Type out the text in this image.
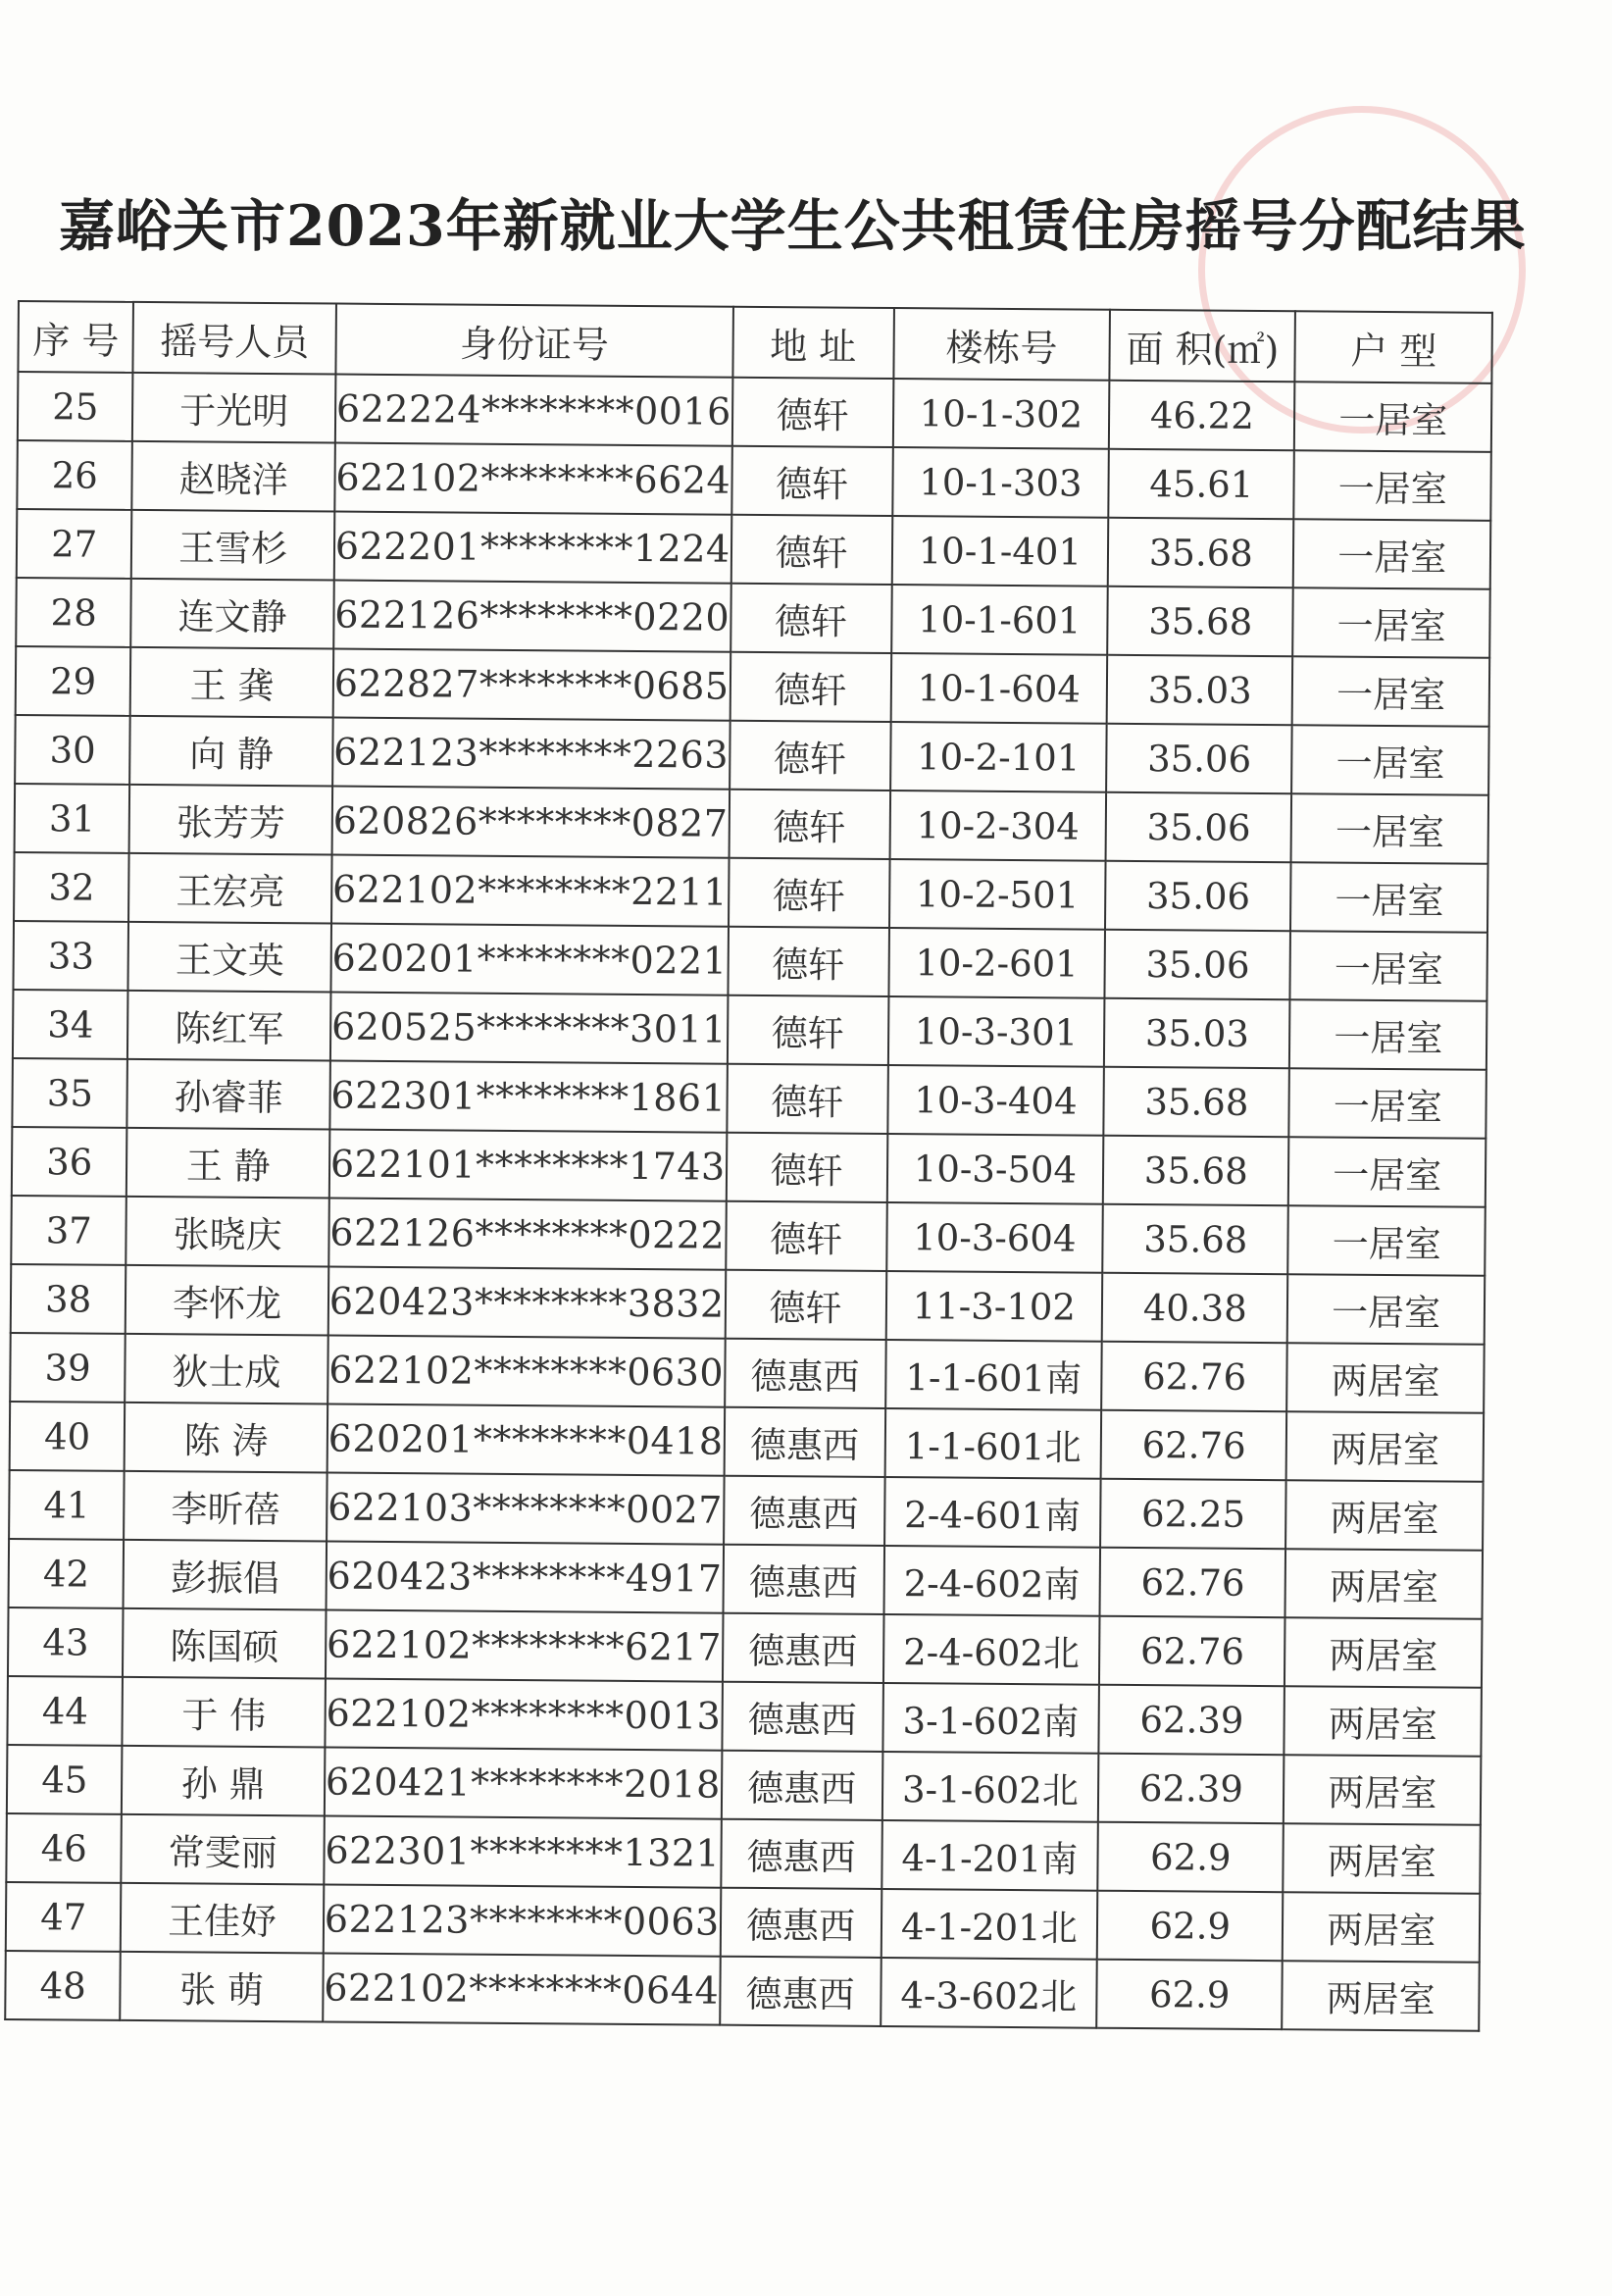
嘉峪关市2023年新就业大学生公共租赁住房摇号分配结果
序 号	摇号人员	身份证号	地 址	楼栋号	面 积(㎡)	户 型
25	于光明	622224********0016	德轩	10-1-302	46.22	一居室
26	赵晓洋	622102********6624	德轩	10-1-303	45.61	一居室
27	王雪杉	622201********1224	德轩	10-1-401	35.68	一居室
28	连文静	622126********0220	德轩	10-1-601	35.68	一居室
29	王 龚	622827********0685	德轩	10-1-604	35.03	一居室
30	向 静	622123********2263	德轩	10-2-101	35.06	一居室
31	张芳芳	620826********0827	德轩	10-2-304	35.06	一居室
32	王宏亮	622102********2211	德轩	10-2-501	35.06	一居室
33	王文英	620201********0221	德轩	10-2-601	35.06	一居室
34	陈红军	620525********3011	德轩	10-3-301	35.03	一居室
35	孙睿菲	622301********1861	德轩	10-3-404	35.68	一居室
36	王 静	622101********1743	德轩	10-3-504	35.68	一居室
37	张晓庆	622126********0222	德轩	10-3-604	35.68	一居室
38	李怀龙	620423********3832	德轩	11-3-102	40.38	一居室
39	狄士成	622102********0630	德惠西	1-1-601南	62.76	两居室
40	陈 涛	620201********0418	德惠西	1-1-601北	62.76	两居室
41	李昕蓓	622103********0027	德惠西	2-4-601南	62.25	两居室
42	彭振倡	620423********4917	德惠西	2-4-602南	62.76	两居室
43	陈国硕	622102********6217	德惠西	2-4-602北	62.76	两居室
44	于 伟	622102********0013	德惠西	3-1-602南	62.39	两居室
45	孙 鼎	620421********2018	德惠西	3-1-602北	62.39	两居室
46	常雯丽	622301********1321	德惠西	4-1-201南	62.9	两居室
47	王佳妤	622123********0063	德惠西	4-1-201北	62.9	两居室
48	张 萌	622102********0644	德惠西	4-3-602北	62.9	两居室
